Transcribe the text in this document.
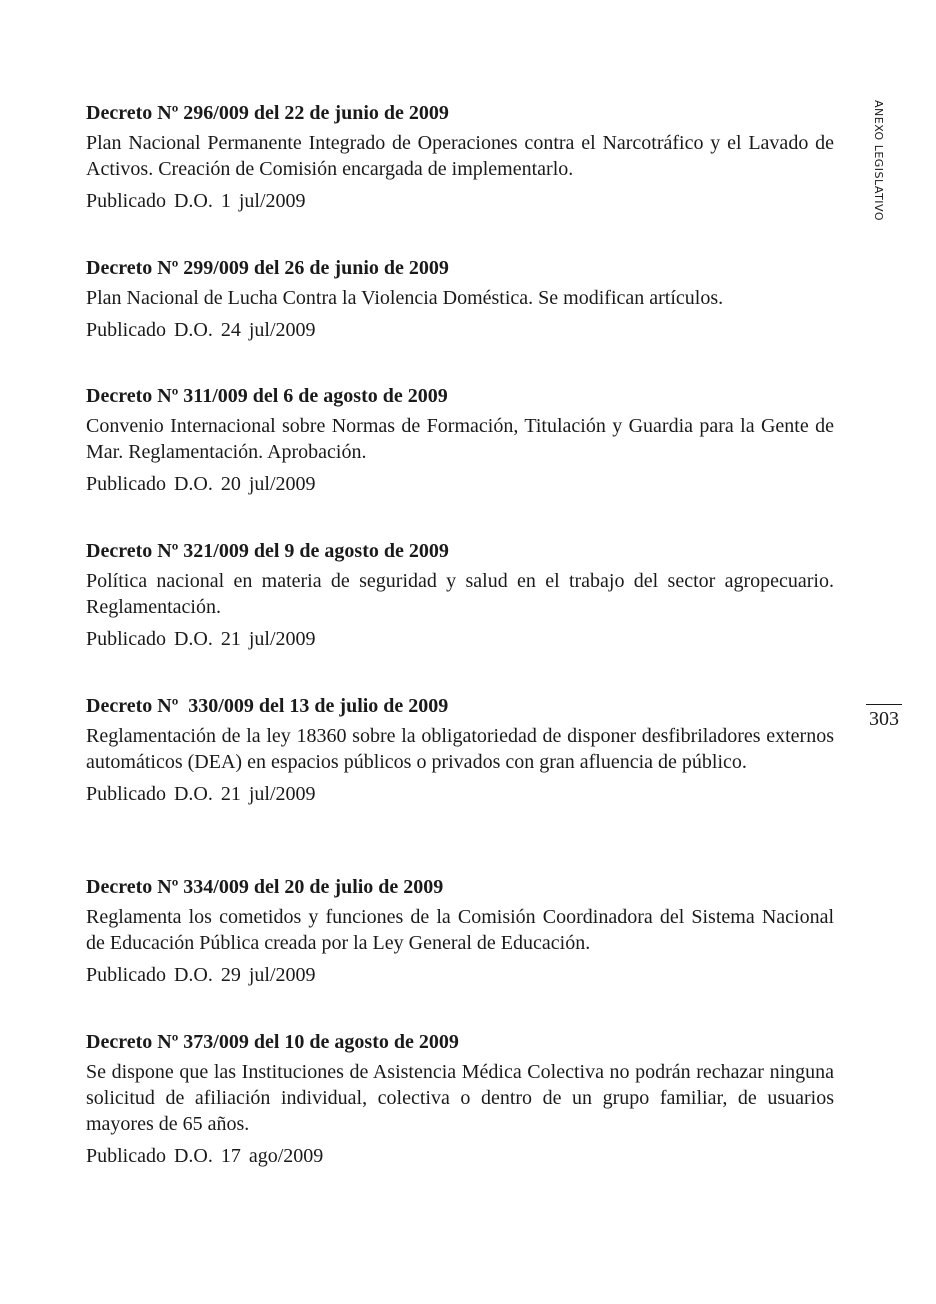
Decreto Nº 296/009 del 22 de junio de 2009

Plan Nacional Permanente Integrado de Operaciones contra el Narcotráfico y el Lavado de Activos. Creación de Comisión encargada de implementarlo.

Publicado D.O. 1 jul/2009

Decreto Nº 299/009 del 26 de junio de 2009

Plan Nacional de Lucha Contra la Violencia Doméstica. Se modifican artículos.

Publicado D.O. 24 jul/2009

Decreto Nº 311/009 del 6 de agosto de 2009

Convenio Internacional sobre Normas de Formación, Titulación y Guardia para la Gente de Mar. Reglamentación. Aprobación.

Publicado D.O. 20 jul/2009

Decreto Nº 321/009 del 9 de agosto de 2009

Política nacional en materia de seguridad y salud en el trabajo del sector agropecuario. Reglamentación.

Publicado D.O. 21 jul/2009

Decreto Nº  330/009 del 13 de julio de 2009

Reglamentación de la ley 18360 sobre la obligatoriedad de disponer desfibriladores externos automáticos (DEA) en espacios públicos o privados con gran afluencia de público.

Publicado D.O. 21 jul/2009

Decreto Nº 334/009 del 20 de julio de 2009

Reglamenta los cometidos y funciones de la Comisión Coordinadora del Sistema Nacional de Educación Pública creada por la Ley General de Educación.

Publicado D.O. 29 jul/2009

Decreto Nº 373/009 del 10 de agosto de 2009

Se dispone que las Instituciones de Asistencia Médica Colectiva no podrán rechazar ninguna solicitud de afiliación individual, colectiva o dentro de un grupo familiar, de usuarios mayores de 65 años.

Publicado D.O. 17 ago/2009

ANEXO LEGISLATIVO
303
